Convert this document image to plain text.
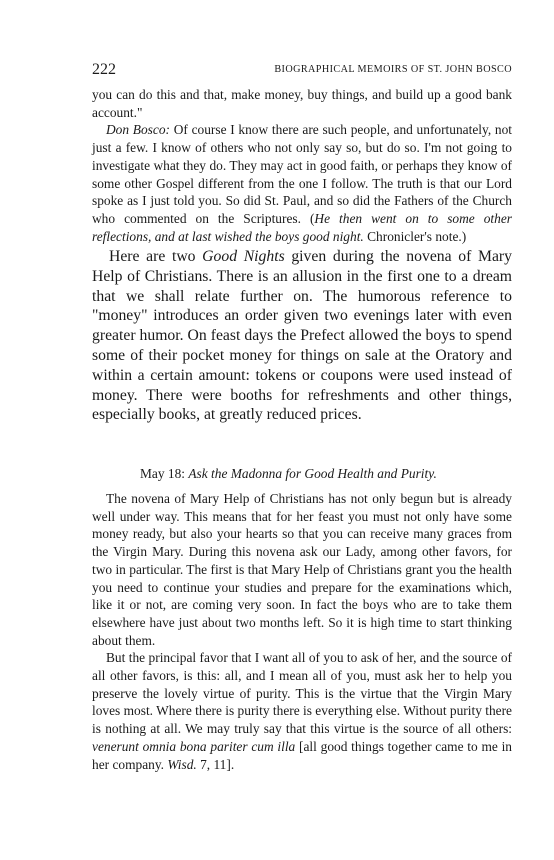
222	BIOGRAPHICAL MEMOIRS OF ST. JOHN BOSCO

you can do this and that, make money, buy things, and build up a good bank account."

Don Bosco: Of course I know there are such people, and unfortunately, not just a few. I know of others who not only say so, but do so. I'm not going to investigate what they do. They may act in good faith, or perhaps they know of some other Gospel different from the one I follow. The truth is that our Lord spoke as I just told you. So did St. Paul, and so did the Fathers of the Church who commented on the Scriptures. (He then went on to some other reflections, and at last wished the boys good night. Chronicler's note.)

Here are two Good Nights given during the novena of Mary Help of Christians. There is an allusion in the first one to a dream that we shall relate further on. The humorous reference to "money" introduces an order given two evenings later with even greater humor. On feast days the Prefect allowed the boys to spend some of their pocket money for things on sale at the Oratory and within a certain amount: tokens or coupons were used instead of money. There were booths for refreshments and other things, especially books, at greatly reduced prices.

May 18: Ask the Madonna for Good Health and Purity.

The novena of Mary Help of Christians has not only begun but is already well under way. This means that for her feast you must not only have some money ready, but also your hearts so that you can receive many graces from the Virgin Mary. During this novena ask our Lady, among other favors, for two in particular. The first is that Mary Help of Christians grant you the health you need to continue your studies and prepare for the examinations which, like it or not, are coming very soon. In fact the boys who are to take them elsewhere have just about two months left. So it is high time to start thinking about them.

But the principal favor that I want all of you to ask of her, and the source of all other favors, is this: all, and I mean all of you, must ask her to help you preserve the lovely virtue of purity. This is the virtue that the Virgin Mary loves most. Where there is purity there is everything else. Without purity there is nothing at all. We may truly say that this virtue is the source of all others: venerunt omnia bona pariter cum illa [all good things together came to me in her company. Wisd. 7, 11].
